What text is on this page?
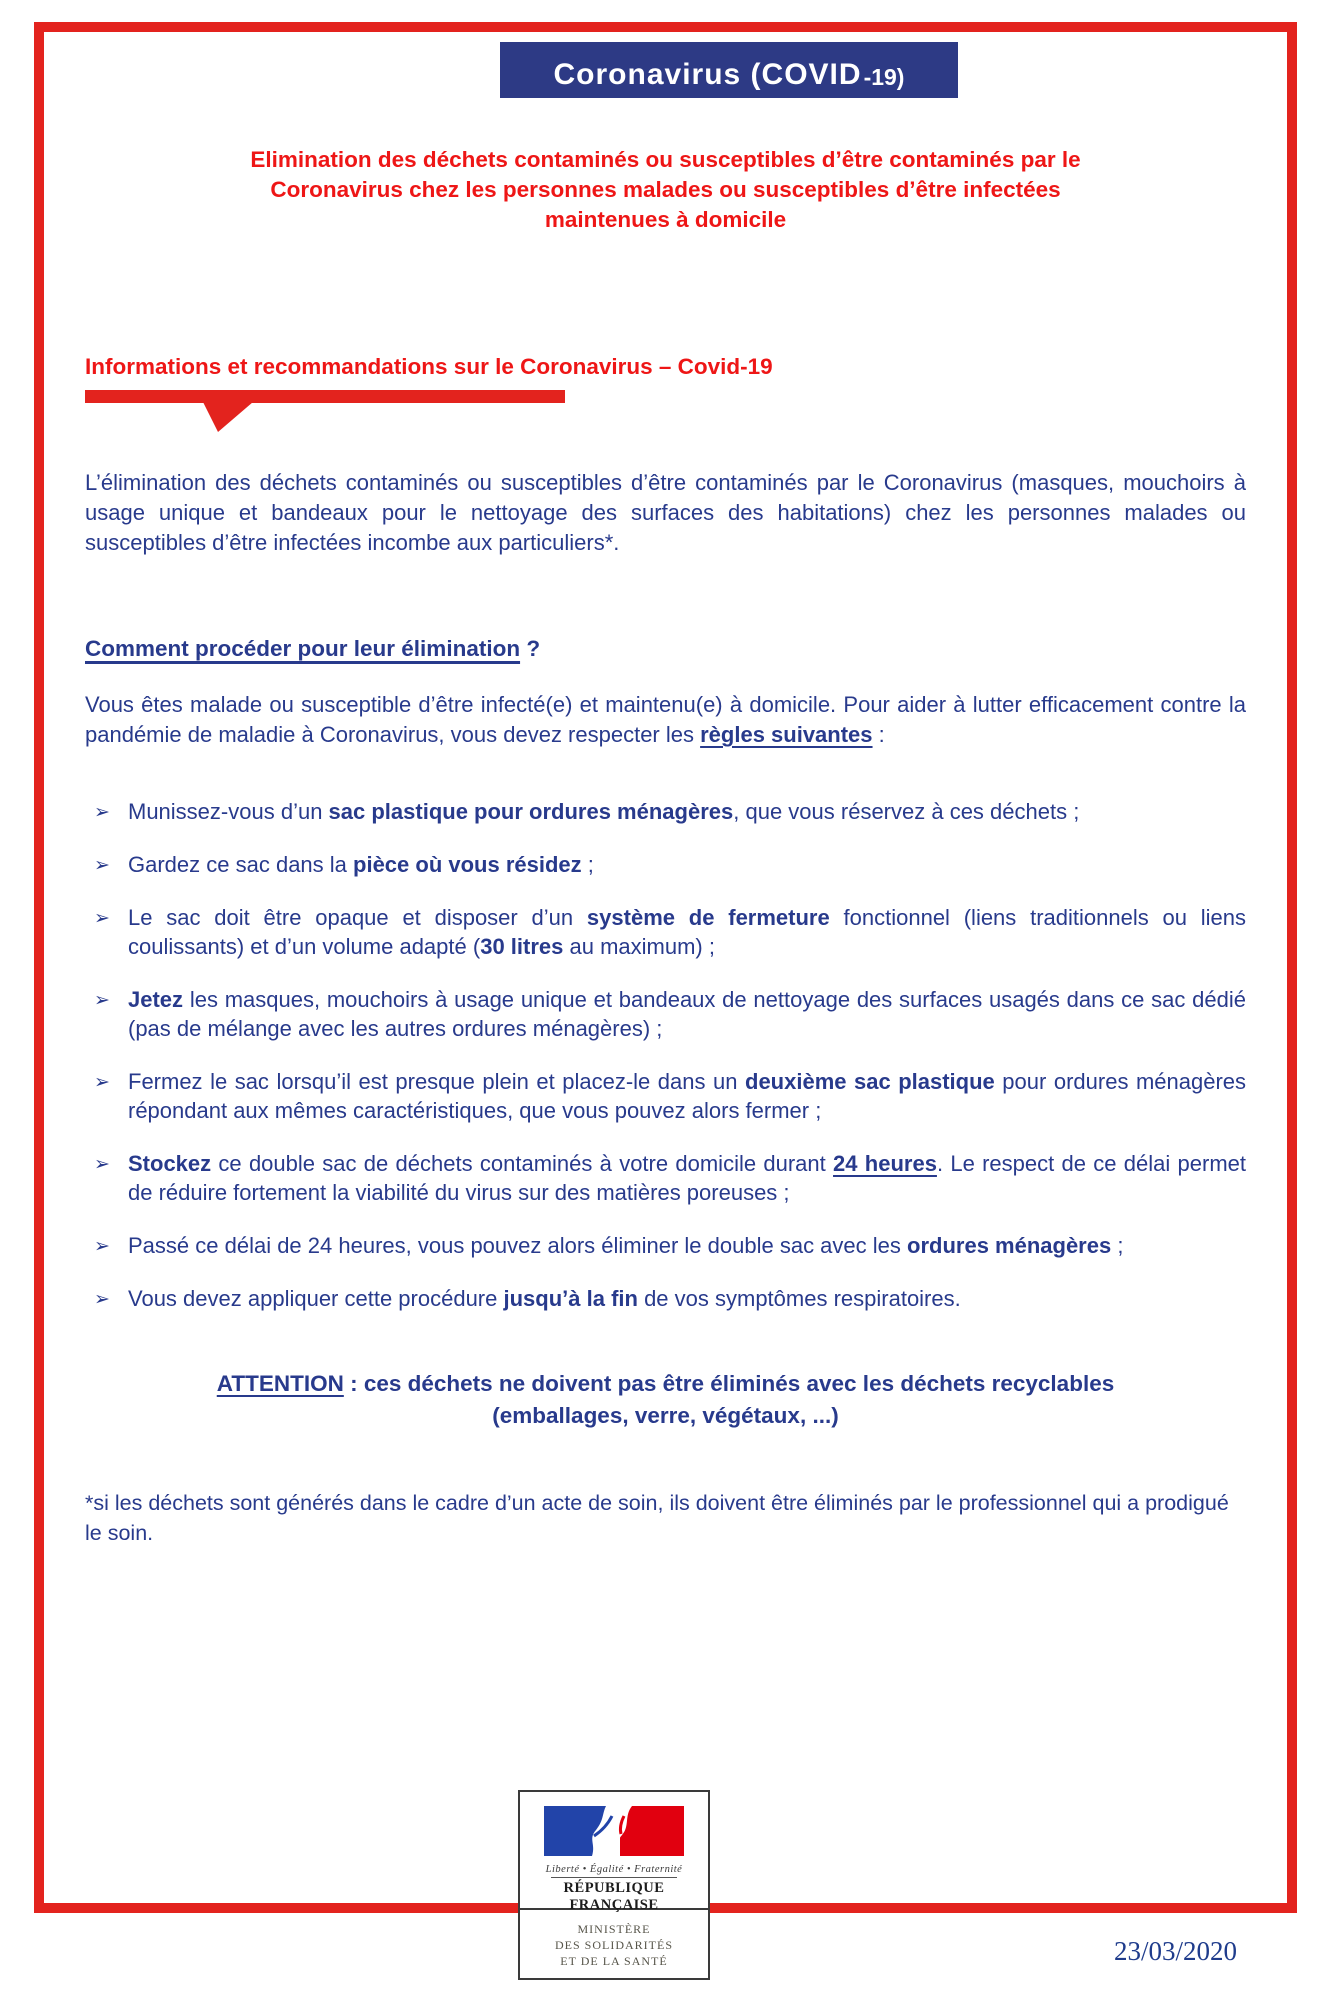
Coronavirus (COVID -19)
Elimination des déchets contaminés ou susceptibles d’être contaminés par le
Coronavirus chez les personnes malades ou susceptibles d’être infectées
maintenues à domicile
Informations et recommandations sur le Coronavirus – Covid-19
L’élimination des déchets contaminés ou susceptibles d’être contaminés par le Coronavirus (masques, mouchoirs à usage unique et bandeaux pour le nettoyage des surfaces des habitations) chez les personnes malades ou susceptibles d’être infectées incombe aux particuliers*.
Comment procéder pour leur élimination ?
Vous êtes malade ou susceptible d’être infecté(e) et maintenu(e) à domicile. Pour aider à lutter efficacement contre la pandémie de maladie à Coronavirus, vous devez respecter les règles suivantes :
➢ Munissez-vous d’un sac plastique pour ordures ménagères, que vous réservez à ces déchets ;
➢ Gardez ce sac dans la pièce où vous résidez ;
➢ Le sac doit être opaque et disposer d’un système de fermeture fonctionnel (liens traditionnels ou liens coulissants) et d’un volume adapté (30 litres au maximum) ;
➢ Jetez les masques, mouchoirs à usage unique et bandeaux de nettoyage des surfaces usagés dans ce sac dédié (pas de mélange avec les autres ordures ménagères) ;
➢ Fermez le sac lorsqu’il est presque plein et placez-le dans un deuxième sac plastique pour ordures ménagères répondant aux mêmes caractéristiques, que vous pouvez alors fermer ;
➢ Stockez ce double sac de déchets contaminés à votre domicile durant 24 heures. Le respect de ce délai permet de réduire fortement la viabilité du virus sur des matières poreuses ;
➢ Passé ce délai de 24 heures, vous pouvez alors éliminer le double sac avec les ordures ménagères ;
➢ Vous devez appliquer cette procédure jusqu’à la fin de vos symptômes respiratoires.
ATTENTION : ces déchets ne doivent pas être éliminés avec les déchets recyclables
(emballages, verre, végétaux, ...)
*si les déchets sont générés dans le cadre d’un acte de soin, ils doivent être éliminés par le professionnel qui a prodigué le soin.
Liberté • Égalité • Fraternité
RÉPUBLIQUE FRANÇAISE
MINISTÈRE
DES SOLIDARITÉS
ET DE LA SANTÉ	23/03/2020
